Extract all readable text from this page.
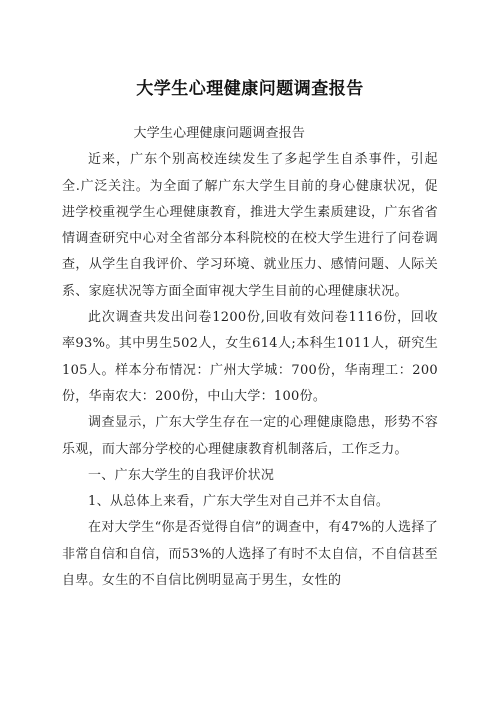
大学生心理健康问题调查报告

大学生心理健康问题调查报告

近来，广东个别高校连续发生了多起学生自杀事件，引起全.广泛关注。为全面了解广东大学生目前的身心健康状况，促进学校重视学生心理健康教育，推进大学生素质建设，广东省省情调查研究中心对全省部分本科院校的在校大学生进行了问卷调查，从学生自我评价、学习环境、就业压力、感情问题、人际关系、家庭状况等方面全面审视大学生目前的心理健康状况。

此次调查共发出问卷1200份,回收有效问卷1116份，回收率93%。其中男生502人，女生614人;本科生1011人，研究生105人。样本分布情况：广州大学城：700份，华南理工：200份，华南农大：200份，中山大学：100份。

调查显示，广东大学生存在一定的心理健康隐患，形势不容乐观，而大部分学校的心理健康教育机制落后，工作乏力。

一、广东大学生的自我评价状况

1、从总体上来看，广东大学生对自己并不太自信。

在对大学生“你是否觉得自信”的调查中，有47%的人选择了非常自信和自信，而53%的人选择了有时不太自信，不自信甚至自卑。女生的不自信比例明显高于男生，女性的
